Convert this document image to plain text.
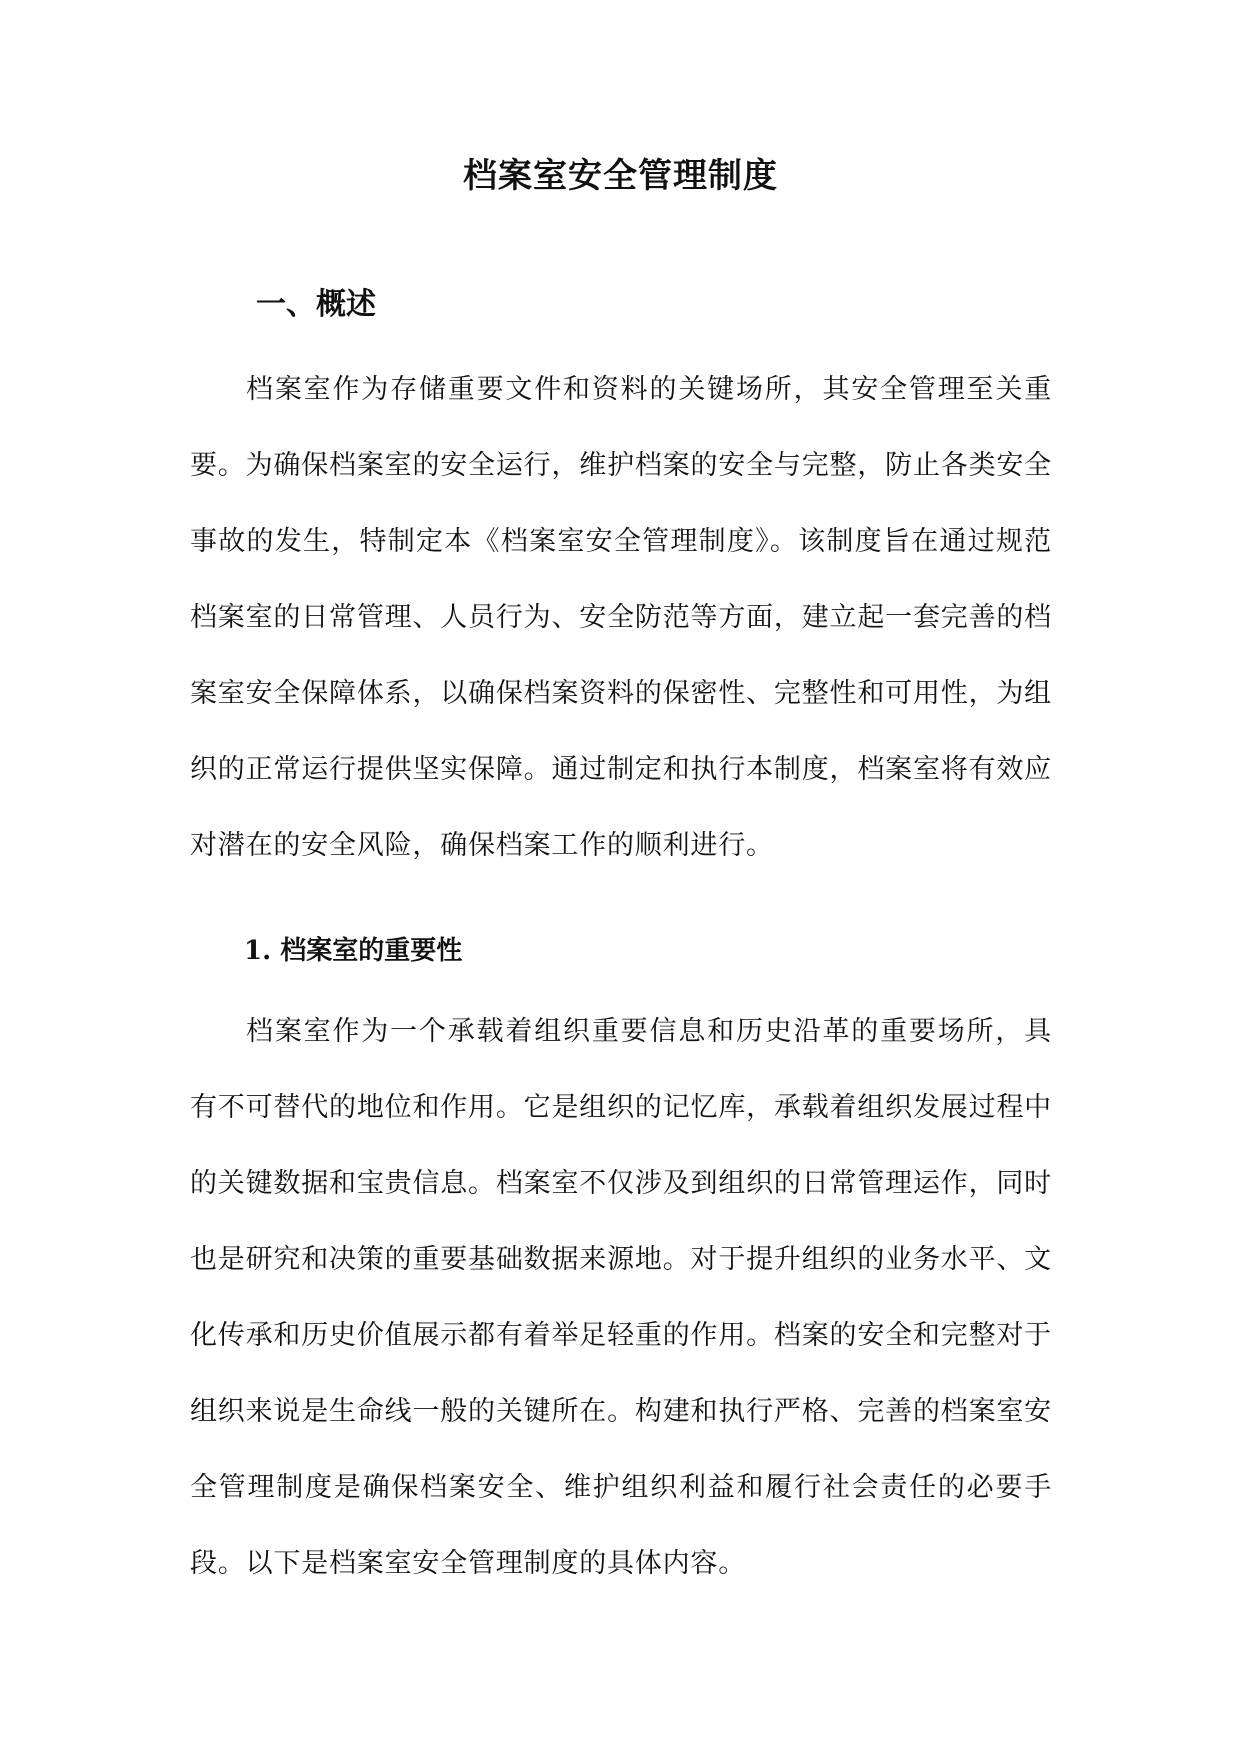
档案室安全管理制度
一、概述

档案室作为存储重要文件和资料的关键场所，其安全管理至关重要。为确保档案室的安全运行，维护档案的安全与完整，防止各类安全事故的发生，特制定本《档案室安全管理制度》。该制度旨在通过规范档案室的日常管理、人员行为、安全防范等方面，建立起一套完善的档案室安全保障体系，以确保档案资料的保密性、完整性和可用性，为组织的正常运行提供坚实保障。通过制定和执行本制度，档案室将有效应对潜在的安全风险，确保档案工作的顺利进行。

1. 档案室的重要性

档案室作为一个承载着组织重要信息和历史沿革的重要场所，具有不可替代的地位和作用。它是组织的记忆库，承载着组织发展过程中的关键数据和宝贵信息。档案室不仅涉及到组织的日常管理运作，同时也是研究和决策的重要基础数据来源地。对于提升组织的业务水平、文化传承和历史价值展示都有着举足轻重的作用。档案的安全和完整对于组织来说是生命线一般的关键所在。构建和执行严格、完善的档案室安全管理制度是确保档案安全、维护组织利益和履行社会责任的必要手段。以下是档案室安全管理制度的具体内容。
